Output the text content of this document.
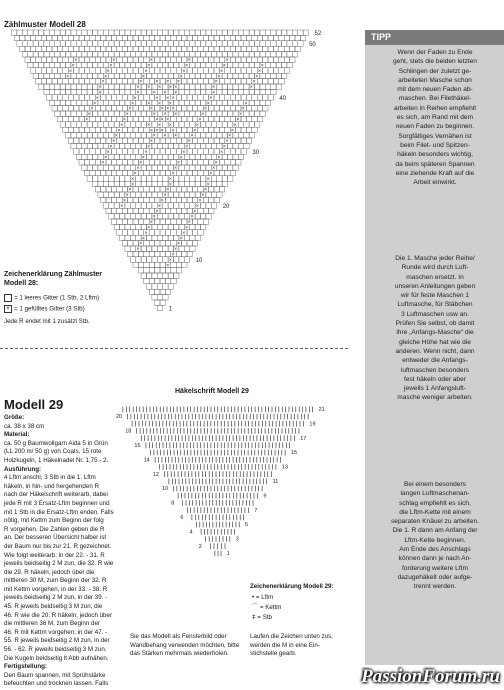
Zählmuster Modell 28
×	×	×	×	×
×	×	×	×	×	×
×	×	×	×	×	×
×	×	×	×	×	×
×	×	× × ×	×	×
×	× × × × ×	×	×
×	×	× × ×	×
×	×	× × ×	×
×	×	× × ×	×	×
×	×	× × × ×	×	×
×	×	× × ×	×	×
×	×	× × ×	×	×
×	× × ×	×	×
×	× × × ×	×	×
×	× × ×	×	×
×	×	×	×
×	×	×	×
×	×	×	×
×	×	×	×
×	×	×	×
×	×	×
×	×	×
×	×	×
×	×	×
×	×	×
×	×	×
×	×	×
×	×	×
×	×
×	×
×	×
×	×
×	×
×	×
×	×
×	×
×
×
×
52
50
40
30
20
10
1
Zeichenerklärung Zählmuster
Modell 28:
= 1 leeres Gitter (1 Stb, 2 Lftm)
× = 1 gefülltes Gitter (3 Stb)
Jede R endet mit 1 zusätzl Stb.
Modell 29
Größe:
ca. 38 x 38 cm
Material:
ca. 50 g Baumwollgarn Aida 5 in Grün
(LL 200 m/ 50 g) von Coats, 15 rote
Holzkugeln, 1 Häkelnadel Nr. 1,75 - 2.
Ausführung:
4 Lftm anschl, 3 Stb in die 1. Lftm
häkeln, in hin- und hergehenden R
nach der Häkelschrift weiterarb, dabei
jede R mit 3 Ersatz-Lftm beginnen und
mit 1 Stb in die Ersatz-Lftm enden. Falls
nötig, mit Kettm zum Beginn der folg
R vorgehen. Die Zahlen geben die R
an. Der besseren Übersicht halber ist
der Baum nur bis zur 21. R gezeichnet.
Wie folgt weiterarb: in der 22. - 31. R
jeweils beidseitig 2 M zun, die 32. R wie
die 29. R häkeln, jedoch über die
mittleren 30 M, zum Beginn der 32. R
mit Kettm vorgehen, in der 33. - 38. R
jeweils beidseitig 2 M zun, in der 39. -
45. R jeweils beidseitig 3 M zun, die
46. R wie die 20. R häkeln, jedoch über
die mittleren 36 M, zum Beginn der
46. R mit Kettm vorgehen, in der 47. -
55. R jeweils beidseitig 2 M zun, in der
56. - 62. R jeweils beidseitig 3 M zun.
Die Kugeln beidseitig lt Abb aufnähen.
Fertigstellung:
Den Baum spannen, mit Sprühstärke
befeuchten und trocknen lassen. Falls
Häkelschrift Modell 29
21
19
17
15
13
11
9
7
5
3
1
20
18
16
14
12
10
8
6
4
2
Zeichenerklärung Modell 29:
• = Lftm
⌒ = Kettm
ǂ = Stb
Sie das Modell als Fensterbild oder
Wandbehang verwenden möchten, bitte
das Stärken mehrmals wiederholen.
Laufen die Zeichen unten zus,
werden die M in eine Ein-
stichstelle gearb.
TIPP
Wenn der Faden zu Ende
geht, stets die beiden letzten
Schlingen der zuletzt ge-
arbeiteten Masche schon
mit dem neuen Faden ab-
maschen. Bei Filethäkel-
arbeiten in Reihen empfiehlt
es sich, am Rand mit dem
neuen Faden zu beginnen.
Sorgfältiges Vernähen ist
beim Filet- und Spitzen-
häkeln besonders wichtig,
da beim späteren Spannen
eine ziehende Kraft auf die
Arbeit einwirkt.
Die 1. Masche jeder Reihe/
Runde wird durch Luft-
maschen ersetzt. In
unseren Anleitungen geben
wir für feste Maschen 1
Luftmasche, für Stäbchen
3 Luftmaschen usw an.
Prüfen Sie selbst, ob damit
ihre „Anfangs-Masche“ die
gleiche Höhe hat wie die
anderen. Wenn nicht, dann
entweder die Anfangs-
luftmaschen besonders
fest häkeln oder aber
jeweils 1 Anfangsluft-
masche weniger arbeiten.
Bei einem besonders
langen Luftmaschenan-
schlag empfiehlt es sich,
die Lftm-Kette mit einem
separaten Knäuel zu arbeiten.
Die 1. R dann am Anfang der
Lftm-Kette beginnen.
Am Ende des Anschlags
können dann je nach An-
forderung weitere Lftm
dazugehäkelt oder aufge-
trennt werden.
PassionForum.ru
